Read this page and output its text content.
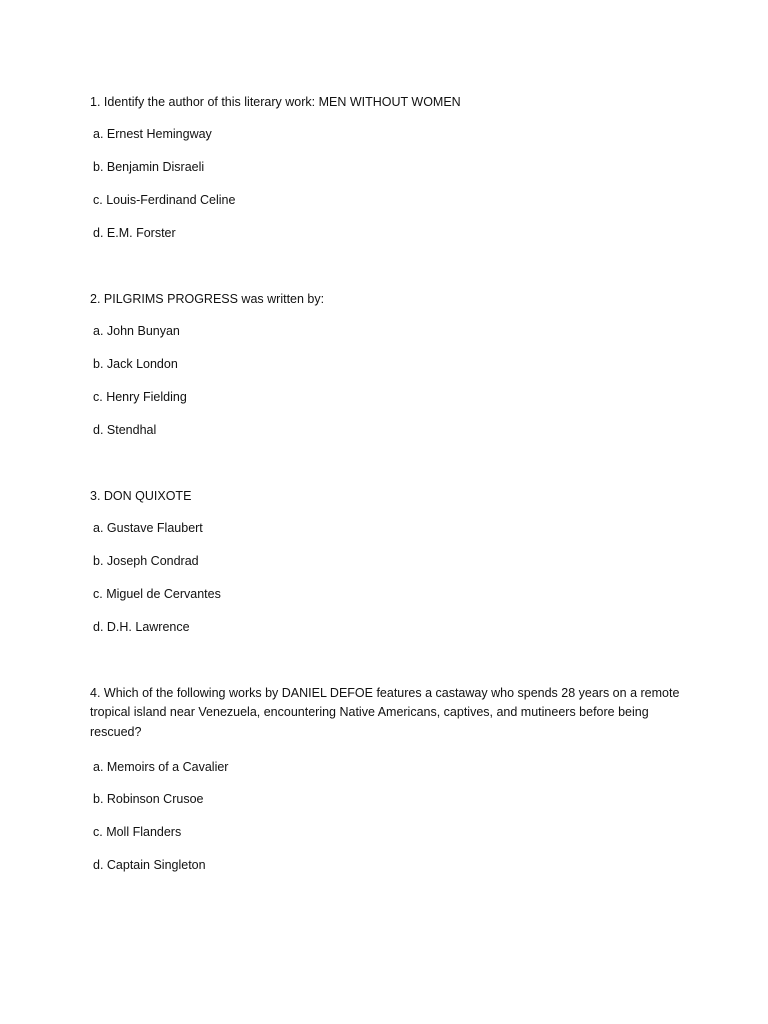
1. Identify the author of this literary work: MEN WITHOUT WOMEN

a. Ernest Hemingway

b. Benjamin Disraeli

c. Louis-Ferdinand Celine

d. E.M. Forster

2. PILGRIMS PROGRESS was written by:

a. John Bunyan

b. Jack London

c. Henry Fielding

d. Stendhal

3. DON QUIXOTE

a. Gustave Flaubert

b. Joseph Condrad

c. Miguel de Cervantes

d. D.H. Lawrence

4. Which of the following works by DANIEL DEFOE features a castaway who spends 28 years on a remote tropical island near Venezuela, encountering Native Americans, captives, and mutineers before being rescued?

a. Memoirs of a Cavalier

b. Robinson Crusoe

c. Moll Flanders

d. Captain Singleton
